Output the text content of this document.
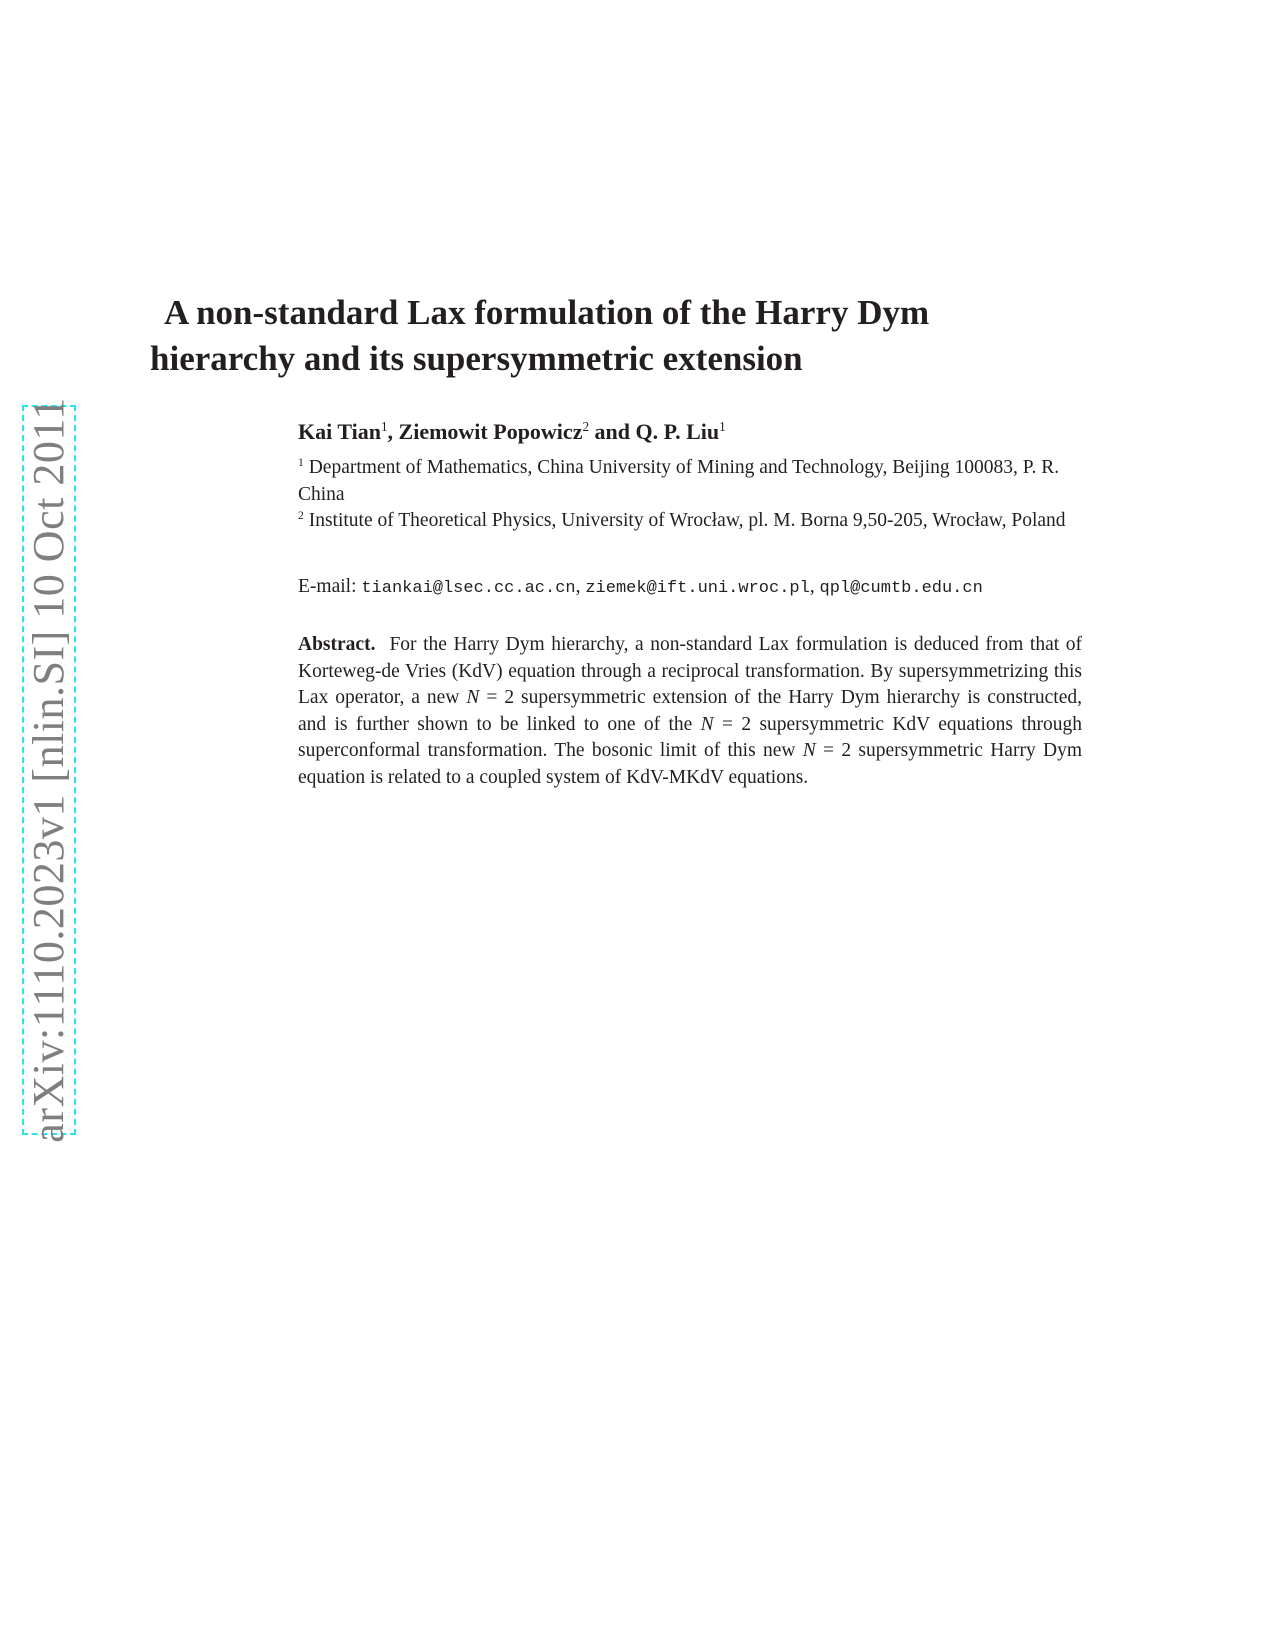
arXiv:1110.2023v1 [nlin.SI] 10 Oct 2011
A non-standard Lax formulation of the Harry Dym
hierarchy and its supersymmetric extension
Kai Tian$^1$, Ziemowit Popowicz$^2$ and Q. P. Liu$^1$
$^1$ Department of Mathematics, China University of Mining and Technology, Beijing 100083, P. R. China
$^2$ Institute of Theoretical Physics, University of Wrocław, pl. M. Borna 9,50-205, Wrocław, Poland
E-mail: tiankai@lsec.cc.ac.cn, ziemek@ift.uni.wroc.pl, qpl@cumtb.edu.cn
Abstract. For the Harry Dym hierarchy, a non-standard Lax formulation is deduced from that of Korteweg-de Vries (KdV) equation through a reciprocal transformation. By supersymmetrizing this Lax operator, a new N = 2 supersymmetric extension of the Harry Dym hierarchy is constructed, and is further shown to be linked to one of the N = 2 supersymmetric KdV equations through superconformal transformation. The bosonic limit of this new N = 2 supersymmetric Harry Dym equation is related to a coupled system of KdV-MKdV equations.
